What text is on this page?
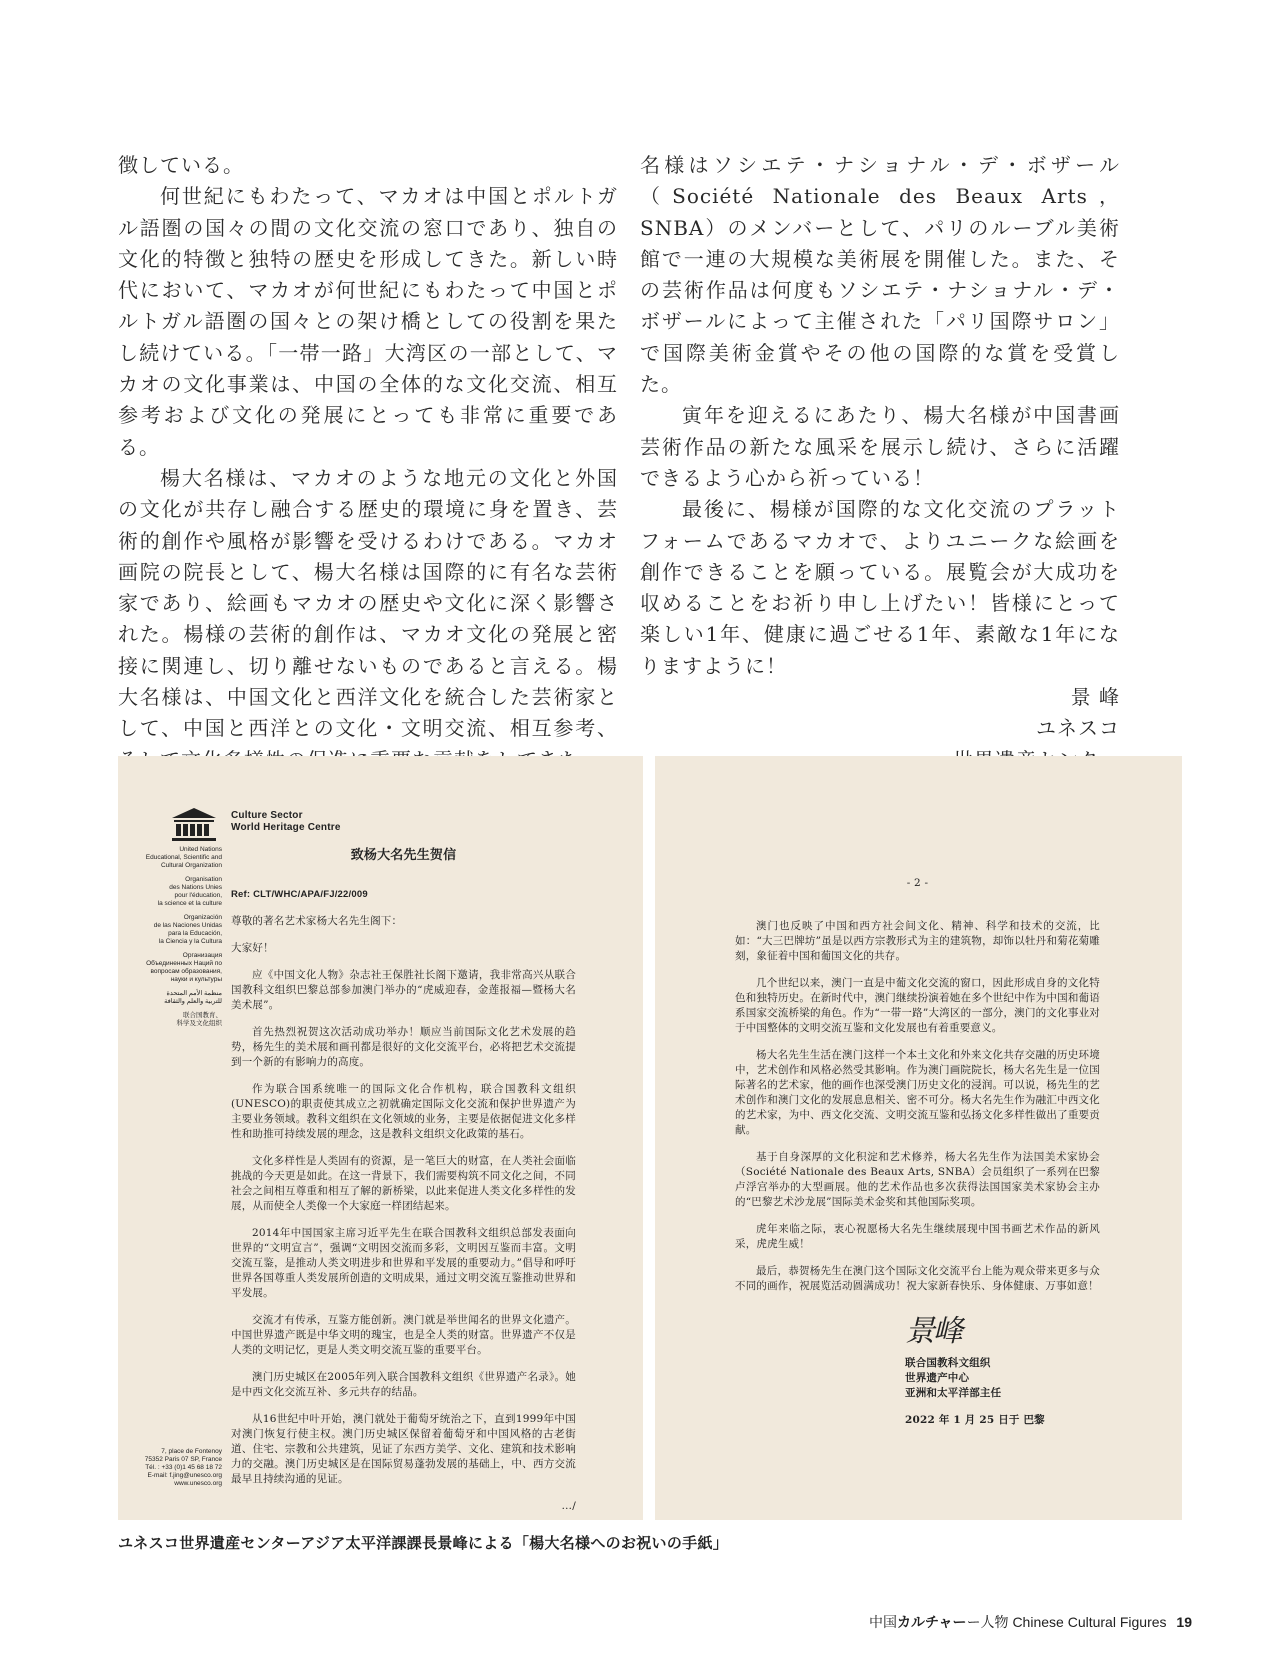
徴している。

何世紀にもわたって、マカオは中国とポルトガル語圏の国々の間の文化交流の窓口であり、独自の文化的特徴と独特の歴史を形成してきた。新しい時代において、マカオが何世紀にもわたって中国とポルトガル語圏の国々との架け橋としての役割を果たし続けている。「一帯一路」大湾区の一部として、マカオの文化事業は、中国の全体的な文化交流、相互参考および文化の発展にとっても非常に重要である。

楊大名様は、マカオのような地元の文化と外国の文化が共存し融合する歴史的環境に身を置き、芸術的創作や風格が影響を受けるわけである。マカオ画院の院長として、楊大名様は国際的に有名な芸術家であり、絵画もマカオの歴史や文化に深く影響された。楊様の芸術的創作は、マカオ文化の発展と密接に関連し、切り離せないものであると言える。楊大名様は、中国文化と西洋文化を統合した芸術家として、中国と西洋との文化・文明交流、相互参考、

名様はソシエテ・ナショナル・デ・ボザール（Société Nationale des Beaux Arts，SNBA）のメンバーとして、パリのルーブル美術館で一連の大規模な美術展を開催した。また、その芸術作品は何度もソシエテ・ナショナル・デ・ボザールによって主催された「パリ国際サロン」で国際美術金賞やその他の国際的な賞を受賞した。

寅年を迎えるにあたり、楊大名様が中国書画芸術作品の新たな風采を展示し続け、さらに活躍できるよう心から祈っている！

最後に、楊様が国際的な文化交流のプラットフォームであるマカオで、よりユニークな絵画を創作できることを願っている。展覧会が大成功を収めることをお祈り申し上げたい！皆様にとって楽しい1年、健康に過ごせる1年、素敵な1年になりますように！

景 峰

ユネスコ

Culture Sector
World Heritage Centre
United Nations
Educational, Scientific and
Cultural Organization
Organisation
des Nations Unies
pour l'éducation,
la science et la culture
Organización
de las Naciones Unidas
para la Educación,
la Ciencia y la Cultura
Организация
Объединенных Наций по
вопросам образования,
науки и культуры
منظمة الأمم المتحدة
للتربية والعلم والثقافة
联合国教育、
科学及文化组织
7, place de Fontenoy
75352 Paris 07 SP, France
Tél. : +33 (0)1 45 68 18 72
E-mail: f.jing@unesco.org
www.unesco.org
致杨大名先生贺信
Ref: CLT/WHC/APA/FJ/22/009

尊敬的著名艺术家杨大名先生阁下：

大家好！

应《中国文化人物》杂志社王保胜社长阁下邀请，我非常高兴从联合国教科文组织巴黎总部参加澳门举办的“虎威迎春，金莲报福—暨杨大名美术展”。

首先热烈祝贺这次活动成功举办！顺应当前国际文化艺术发展的趋势，杨先生的美术展和画刊都是很好的文化交流平台，必将把艺术交流提到一个新的有影响力的高度。

作为联合国系统唯一的国际文化合作机构，联合国教科文组织(UNESCO)的职责使其成立之初就确定国际文化交流和保护世界遗产为主要业务领域。教科文组织在文化领域的业务，主要是依据促进文化多样性和助推可持续发展的理念，这是教科文组织文化政策的基石。

文化多样性是人类固有的资源，是一笔巨大的财富，在人类社会面临挑战的今天更是如此。在这一背景下，我们需要构筑不同文化之间，不同社会之间相互尊重和相互了解的新桥梁，以此来促进人类文化多样性的发展，从而使全人类像一个大家庭一样团结起来。

2014年中国国家主席习近平先生在联合国教科文组织总部发表面向世界的“文明宣言”，强调“文明因交流而多彩，文明因互鉴而丰富。文明交流互鉴，是推动人类文明进步和世界和平发展的重要动力。”倡导和呼吁世界各国尊重人类发展所创造的文明成果，通过文明交流互鉴推动世界和平发展。

交流才有传承，互鉴方能创新。澳门就是举世闻名的世界文化遗产。中国世界遗产既是中华文明的瑰宝，也是全人类的财富。世界遗产不仅是人类的文明记忆，更是人类文明交流互鉴的重要平台。

澳门历史城区在2005年列入联合国教科文组织《世界遗产名录》。她是中西文化交流互补、多元共存的结晶。

从16世纪中叶开始，澳门就处于葡萄牙统治之下，直到1999年中国对澳门恢复行使主权。澳门历史城区保留着葡萄牙和中国风格的古老街道、住宅、宗教和公共建筑，见证了东西方美学、文化、建筑和技术影响力的交融。澳门历史城区是在国际贸易蓬勃发展的基础上，中、西方交流最早且持续沟通的见证。

…/
- 2 -

澳门也反映了中国和西方社会间文化、精神、科学和技术的交流，比如：“大三巴牌坊”虽是以西方宗教形式为主的建筑物，却饰以牡丹和菊花菊雕刻，象征着中国和葡国文化的共存。

几个世纪以来，澳门一直是中葡文化交流的窗口，因此形成自身的文化特色和独特历史。在新时代中，澳门继续扮演着她在多个世纪中作为中国和葡语系国家交流桥梁的角色。作为“一带一路”大湾区的一部分，澳门的文化事业对于中国整体的文明交流互鉴和文化发展也有着重要意义。

杨大名先生生活在澳门这样一个本土文化和外来文化共存交融的历史环境中，艺术创作和风格必然受其影响。作为澳门画院院长，杨大名先生是一位国际著名的艺术家，他的画作也深受澳门历史文化的浸润。可以说，杨先生的艺术创作和澳门文化的发展息息相关、密不可分。杨大名先生作为融汇中西文化的艺术家，为中、西文化交流、文明交流互鉴和弘扬文化多样性做出了重要贡献。

基于自身深厚的文化积淀和艺术修养，杨大名先生作为法国美术家协会（Société Nationale des Beaux Arts, SNBA）会员组织了一系列在巴黎卢浮宫举办的大型画展。他的艺术作品也多次获得法国国家美术家协会主办的“巴黎艺术沙龙展”国际美术金奖和其他国际奖项。

虎年来临之际，衷心祝愿杨大名先生继续展现中国书画艺术作品的新风采，虎虎生威！

最后，恭贺杨先生在澳门这个国际文化交流平台上能为观众带来更多与众不同的画作，祝展览活动圆满成功！祝大家新春快乐、身体健康、万事如意！

景峰
联合国教科文组织
世界遗产中心
亚洲和太平洋部主任
2022 年 1 月 25 日于 巴黎
ユネスコ世界遺産センターアジア太平洋課課長景峰による「楊大名様へのお祝いの手紙」
中国カルチャーー人物 Chinese Cultural Figures 19
